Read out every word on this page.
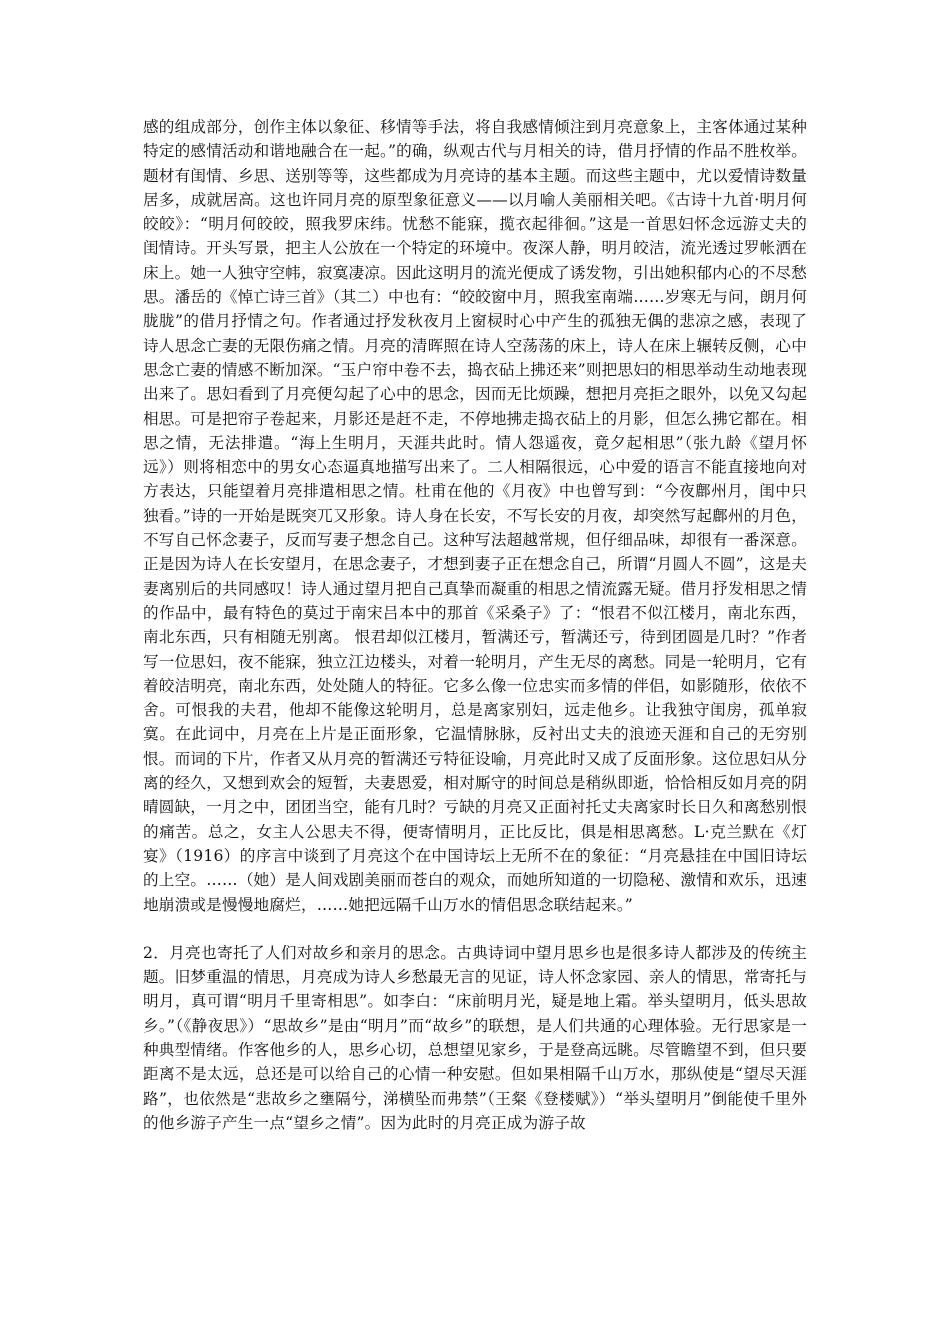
感的组成部分，创作主体以象征、移情等手法，将自我感情倾注到月亮意象上，主客体通过某种特定的感情活动和谐地融合在一起。”的确，纵观古代与月相关的诗，借月抒情的作品不胜枚举。题材有闺情、乡思、送别等等，这些都成为月亮诗的基本主题。而这些主题中，尤以爱情诗数量居多，成就居高。这也许同月亮的原型象征意义——以月喻人美丽相关吧。《古诗十九首·明月何皎皎》：“明月何皎皎，照我罗床纬。忧愁不能寐，揽衣起徘徊。”这是一首思妇怀念远游丈夫的闺情诗。开头写景，把主人公放在一个特定的环境中。夜深人静，明月皎洁，流光透过罗帐洒在床上。她一人独守空帏，寂寞凄凉。因此这明月的流光便成了诱发物，引出她积郁内心的不尽愁思。潘岳的《悼亡诗三首》（其二）中也有：“皎皎窗中月，照我室南端……岁寒无与问，朗月何胧胧”的借月抒情之句。作者通过抒发秋夜月上窗棂时心中产生的孤独无偶的悲凉之感，表现了诗人思念亡妻的无限伤痛之情。月亮的清晖照在诗人空荡荡的床上，诗人在床上辗转反侧，心中思念亡妻的情感不断加深。“玉户帘中卷不去，捣衣砧上拂还来”则把思妇的相思举动生动地表现出来了。思妇看到了月亮便勾起了心中的思念，因而无比烦躁，想把月亮拒之眼外，以免又勾起相思。可是把帘子卷起来，月影还是赶不走，不停地拂走捣衣砧上的月影，但怎么拂它都在。相思之情，无法排遣。“海上生明月，天涯共此时。情人怨遥夜，竟夕起相思”（张九龄《望月怀远》）则将相恋中的男女心态逼真地描写出来了。二人相隔很远，心中爱的语言不能直接地向对方表达，只能望着月亮排遣相思之情。杜甫在他的《月夜》中也曾写到：“今夜鄜州月，闺中只独看。”诗的一开始是既突兀又形象。诗人身在长安，不写长安的月夜，却突然写起鄜州的月色，不写自己怀念妻子，反而写妻子想念自己。这种写法超越常规，但仔细品味，却很有一番深意。正是因为诗人在长安望月，在思念妻子，才想到妻子正在想念自己，所谓“月圆人不圆”，这是夫妻离别后的共同感叹！诗人通过望月把自己真挚而凝重的相思之情流露无疑。借月抒发相思之情的作品中，最有特色的莫过于南宋吕本中的那首《采桑子》了：“恨君不似江楼月，南北东西，南北东西，只有相随无别离。 恨君却似江楼月，暂满还亏，暂满还亏，待到团圆是几时？”作者写一位思妇，夜不能寐，独立江边楼头，对着一轮明月，产生无尽的离愁。同是一轮明月，它有着皎洁明亮，南北东西，处处随人的特征。它多么像一位忠实而多情的伴侣，如影随形，依依不舍。可恨我的夫君，他却不能像这轮明月，总是离家别妇，远走他乡。让我独守闺房，孤单寂寞。在此词中，月亮在上片是正面形象，它温情脉脉，反衬出丈夫的浪迹天涯和自己的无穷别恨。而词的下片，作者又从月亮的暂满还亏特征设喻，月亮此时又成了反面形象。这位思妇从分离的经久，又想到欢会的短暂，夫妻恩爱，相对厮守的时间总是稍纵即逝，恰恰相反如月亮的阴晴圆缺，一月之中，团团当空，能有几时？亏缺的月亮又正面衬托丈夫离家时长日久和离愁别恨的痛苦。总之，女主人公思夫不得，便寄情明月，正比反比，俱是相思离愁。L·克兰默在《灯宴》（1916）的序言中谈到了月亮这个在中国诗坛上无所不在的象征：“月亮悬挂在中国旧诗坛的上空。……（她）是人间戏剧美丽而苍白的观众，而她所知道的一切隐秘、激情和欢乐，迅速地崩溃或是慢慢地腐烂，……她把远隔千山万水的情侣思念联结起来。”

2．月亮也寄托了人们对故乡和亲月的思念。古典诗词中望月思乡也是很多诗人都涉及的传统主题。旧梦重温的情思，月亮成为诗人乡愁最无言的见证，诗人怀念家园、亲人的情思，常寄托与明月，真可谓“明月千里寄相思”。如李白：“床前明月光，疑是地上霜。举头望明月，低头思故乡。”（《静夜思》）“思故乡”是由“明月”而“故乡”的联想，是人们共通的心理体验。无行思家是一种典型情绪。作客他乡的人，思乡心切，总想望见家乡，于是登高远眺。尽管瞻望不到，但只要距离不是太远，总还是可以给自己的心情一种安慰。但如果相隔千山万水，那纵使是“望尽天涯路”，也依然是“悲故乡之壅隔兮，涕横坠而弗禁”（王粲《登楼赋》）“举头望明月”倒能使千里外的他乡游子产生一点“望乡之情”。因为此时的月亮正成为游子故
